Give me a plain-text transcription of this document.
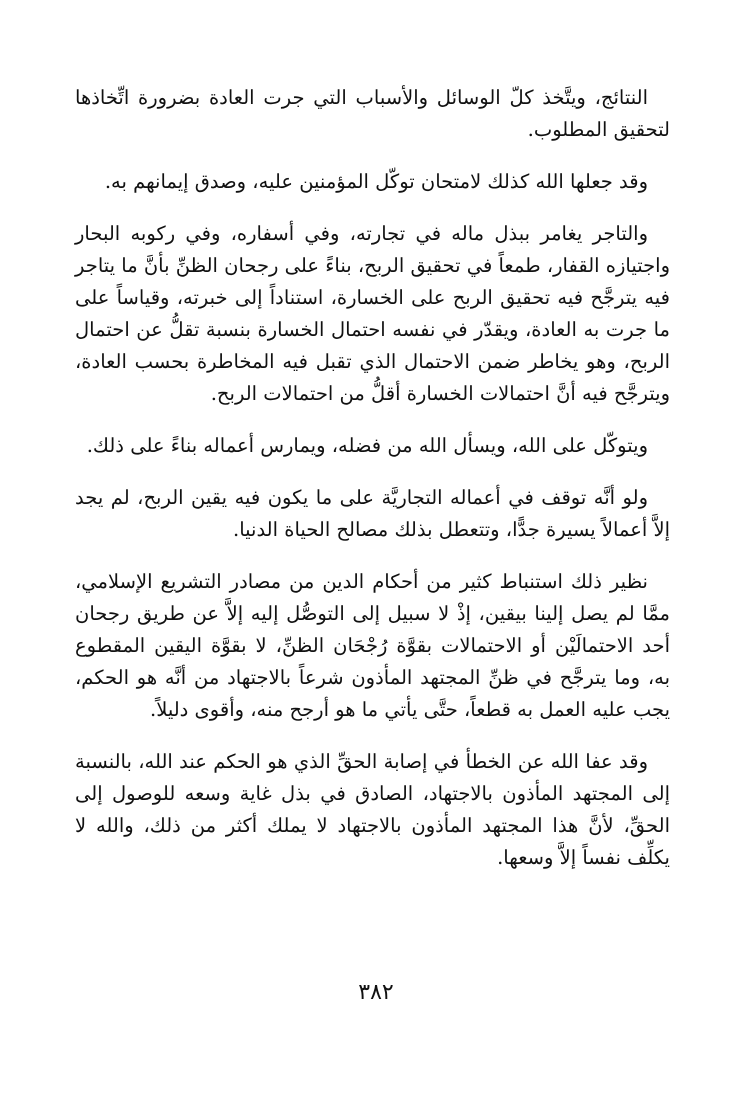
النتائج، ويتَّخذ كلّ الوسائل والأسباب التي جرت العادة بضرورة اتِّخاذها لتحقيق المطلوب.

وقد جعلها الله كذلك لامتحان توكّل المؤمنين عليه، وصدق إيمانهم به.

والتاجر يغامر ببذل ماله في تجارته، وفي أسفاره، وفي ركوبه البحار واجتيازه القفار، طمعاً في تحقيق الربح، بناءً على رجحان الظنِّ بأنَّ ما يتاجر فيه يترجَّح فيه تحقيق الربح على الخسارة، استناداً إلى خبرته، وقياساً على ما جرت به العادة، ويقدّر في نفسه احتمال الخسارة بنسبة تقلُّ عن احتمال الربح، وهو يخاطر ضمن الاحتمال الذي تقبل فيه المخاطرة بحسب العادة، ويترجَّح فيه أنَّ احتمالات الخسارة أقلُّ من احتمالات الربح.

ويتوكّل على الله، ويسأل الله من فضله، ويمارس أعماله بناءً على ذلك.

ولو أنَّه توقف في أعماله التجاريَّة على ما يكون فيه يقين الربح، لم يجد إلاَّ أعمالاً يسيرة جدًّا، وتتعطل بذلك مصالح الحياة الدنيا.

نظير ذلك استنباط كثير من أحكام الدين من مصادر التشريع الإسلامي، ممَّا لم يصل إلينا بيقين، إذْ لا سبيل إلى التوصُّل إليه إلاَّ عن طريق رجحان أحد الاحتمالَيْن أو الاحتمالات بقوَّة رُجْحَان الظنِّ، لا بقوَّة اليقين المقطوع به، وما يترجَّح في ظنِّ المجتهد المأذون شرعاً بالاجتهاد من أنَّه هو الحكم، يجب عليه العمل به قطعاً، حتَّى يأتي ما هو أرجح منه، وأقوى دليلاً.

وقد عفا الله عن الخطأ في إصابة الحقِّ الذي هو الحكم عند الله، بالنسبة إلى المجتهد المأذون بالاجتهاد، الصادق في بذل غاية وسعه للوصول إلى الحقِّ، لأنَّ هذا المجتهد المأذون بالاجتهاد لا يملك أكثر من ذلك، والله لا يكلِّف نفساً إلاَّ وسعها.

٣٨٢
